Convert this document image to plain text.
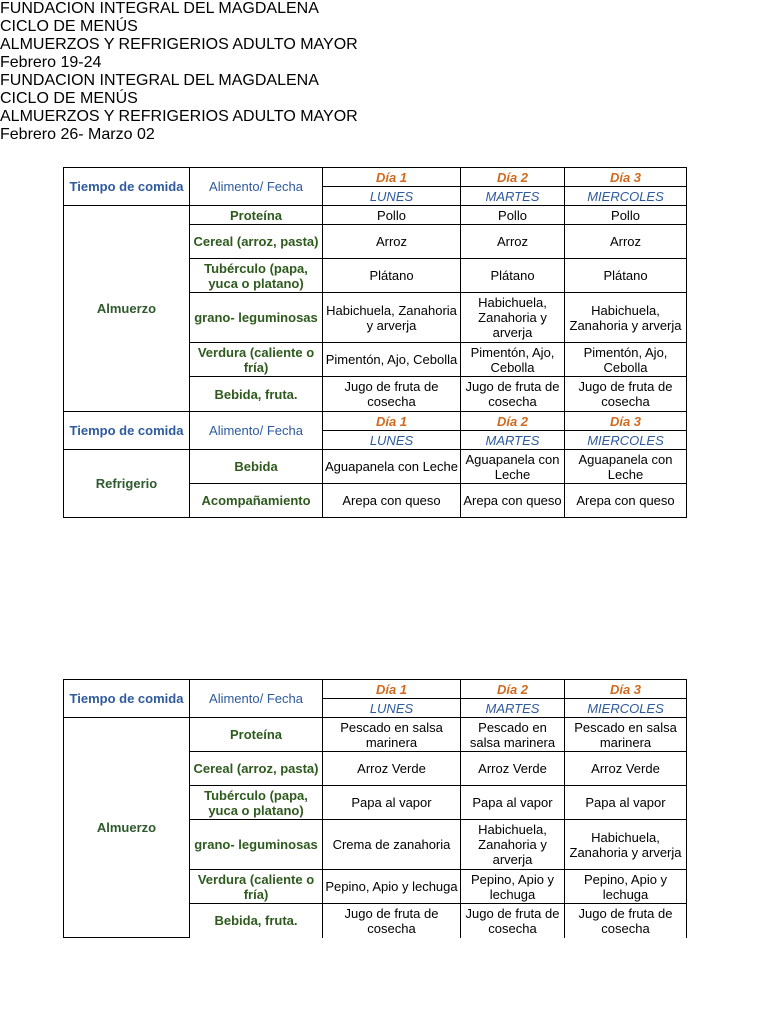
FUNDACION INTEGRAL DEL MAGDALENA
CICLO DE MENÚS
ALMUERZOS Y REFRIGERIOS ADULTO MAYOR
Febrero 19-24
Tiempo de comida	Alimento/ Fecha	Día 1	Día 2	Día 3
		LUNES	MARTES	MIERCOLES
Almuerzo	Proteína	Pollo	Pollo	Pollo
	Cereal (arroz, pasta)	Arroz	Arroz	Arroz
	Tubérculo (papa, yuca o platano)	Plátano	Plátano	Plátano
	grano- leguminosas	Habichuela, Zanahoria y arverja	Habichuela, Zanahoria y arverja	Habichuela, Zanahoria y arverja
	Verdura (caliente o fría)	Pimentón, Ajo, Cebolla	Pimentón, Ajo, Cebolla	Pimentón, Ajo, Cebolla
	Bebida, fruta.	Jugo de fruta de cosecha	Jugo de fruta de cosecha	Jugo de fruta de cosecha
Tiempo de comida	Alimento/ Fecha	Día 1	Día 2	Día 3
		LUNES	MARTES	MIERCOLES
Refrigerio	Bebida	Aguapanela con Leche	Aguapanela con Leche	Aguapanela con Leche
	Acompañamiento	Arepa con queso	Arepa con queso	Arepa con queso
FUNDACION INTEGRAL DEL MAGDALENA
CICLO DE MENÚS
ALMUERZOS Y REFRIGERIOS ADULTO MAYOR
Febrero 26- Marzo 02
Tiempo de comida	Alimento/ Fecha	Día 1	Día 2	Día 3
		LUNES	MARTES	MIERCOLES
Almuerzo	Proteína	Pescado en salsa marinera	Pescado en salsa marinera	Pescado en salsa marinera
	Cereal (arroz, pasta)	Arroz Verde	Arroz Verde	Arroz Verde
	Tubérculo (papa, yuca o platano)	Papa al vapor	Papa al vapor	Papa al vapor
	grano- leguminosas	Crema de zanahoria	Habichuela, Zanahoria y arverja	Habichuela, Zanahoria y arverja
	Verdura (caliente o fría)	Pepino, Apio y lechuga	Pepino, Apio y lechuga	Pepino, Apio y lechuga
	Bebida, fruta.	Jugo de fruta de cosecha	Jugo de fruta de cosecha	Jugo de fruta de cosecha
